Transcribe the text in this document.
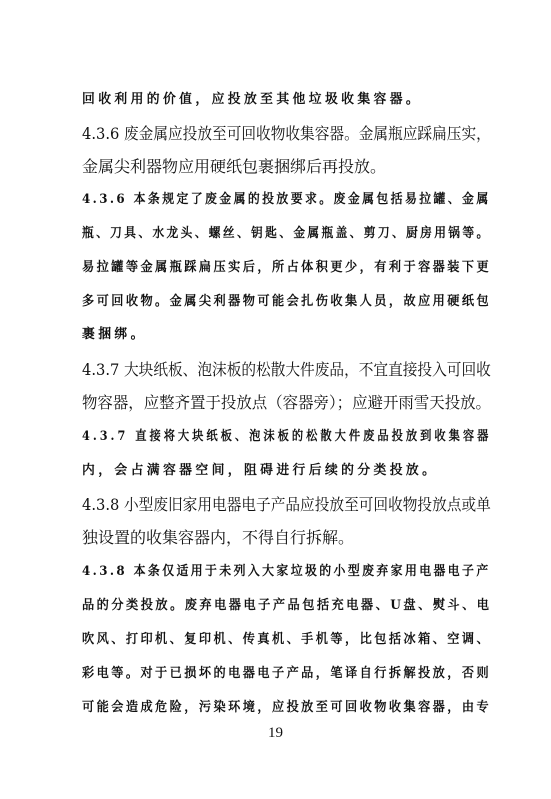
回收利用的价值，应投放至其他垃圾收集容器。
4.3.6 废金属应投放至可回收物收集容器。金属瓶应踩扁压实，
金属尖利器物应用硬纸包裹捆绑后再投放。
4.3.6 本条规定了废金属的投放要求。废金属包括易拉罐、金属
瓶、刀具、水龙头、螺丝、钥匙、金属瓶盖、剪刀、厨房用锅等。
易拉罐等金属瓶踩扁压实后，所占体积更少，有利于容器装下更
多可回收物。金属尖利器物可能会扎伤收集人员，故应用硬纸包
裹捆绑。
4.3.7 大块纸板、泡沫板的松散大件废品，不宜直接投入可回收
物容器，应整齐置于投放点（容器旁）；应避开雨雪天投放。
4.3.7 直接将大块纸板、泡沫板的松散大件废品投放到收集容器
内，会占满容器空间，阻碍进行后续的分类投放。
4.3.8 小型废旧家用电器电子产品应投放至可回收物投放点或单
独设置的收集容器内，不得自行拆解。
4.3.8 本条仅适用于未列入大家垃圾的小型废弃家用电器电子产
品的分类投放。废弃电器电子产品包括充电器、U盘、熨斗、电
吹风、打印机、复印机、传真机、手机等，比包括冰箱、空调、
彩电等。对于已损坏的电器电子产品，笔译自行拆解投放，否则
可能会造成危险，污染环境，应投放至可回收物收集容器，由专
19
